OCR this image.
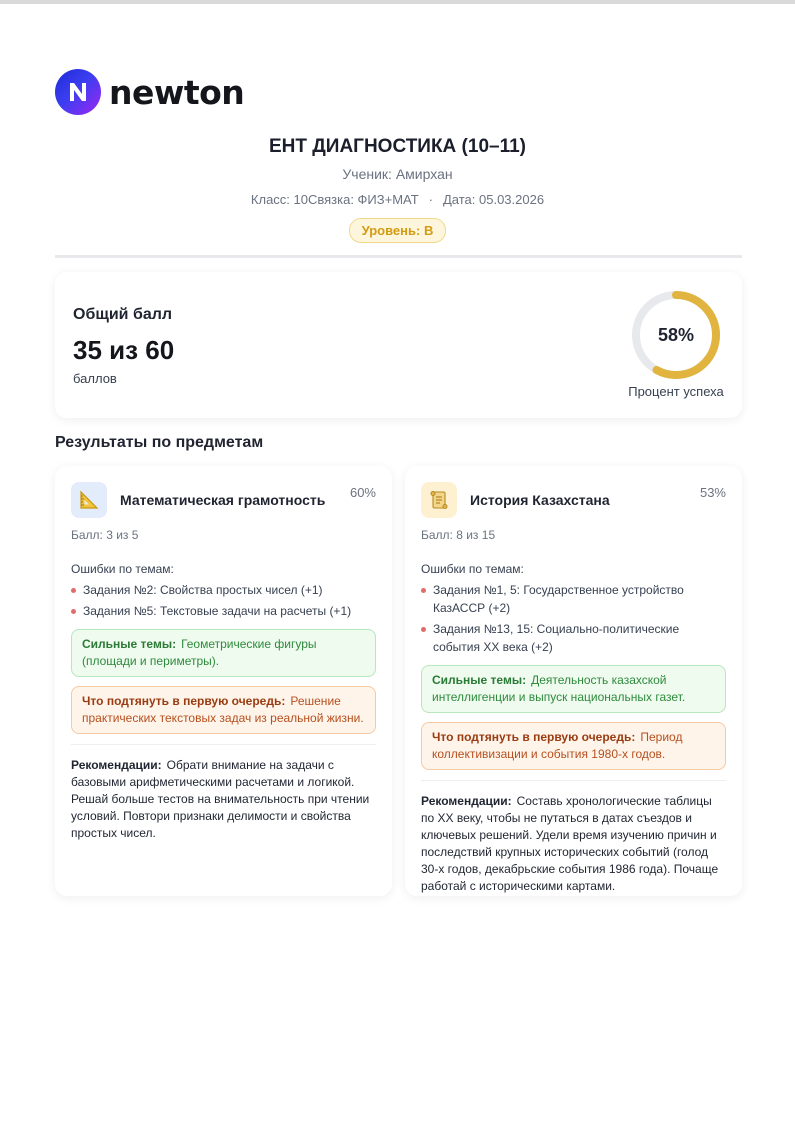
newton
ЕНТ ДИАГНОСТИКА (10–11)
Ученик: Амирхан
Класс: 10Связка: ФИЗ+МАТ · Дата: 05.03.2026
Уровень: B
Общий балл
35 из 60
баллов
58%
Процент успеха
Результаты по предметам
Математическая грамотность 60%
Балл: 3 из 5
Ошибки по темам:
Задания №2: Свойства простых чисел (+1)
Задания №5: Текстовые задачи на расчеты (+1)
Сильные темы: Геометрические фигуры (площади и периметры).
Что подтянуть в первую очередь: Решение практических текстовых задач из реальной жизни.
Рекомендации: Обрати внимание на задачи с базовыми арифметическими расчетами и логикой. Решай больше тестов на внимательность при чтении условий. Повтори признаки делимости и свойства простых чисел.
История Казахстана	53%
Балл: 8 из 15
Ошибки по темам:
Задания №1, 5: Государственное устройство КазАССР (+2)
Задания №13, 15: Социально-политические события XX века (+2)
Сильные темы: Деятельность казахской интеллигенции и выпуск национальных газет.
Что подтянуть в первую очередь: Период коллективизации и события 1980-х годов.
Рекомендации: Составь хронологические таблицы по XX веку, чтобы не путаться в датах съездов и ключевых решений. Удели время изучению причин и последствий крупных исторических событий (голод 30-х годов, декабрьские события 1986 года). Почаще работай с историческими картами.
